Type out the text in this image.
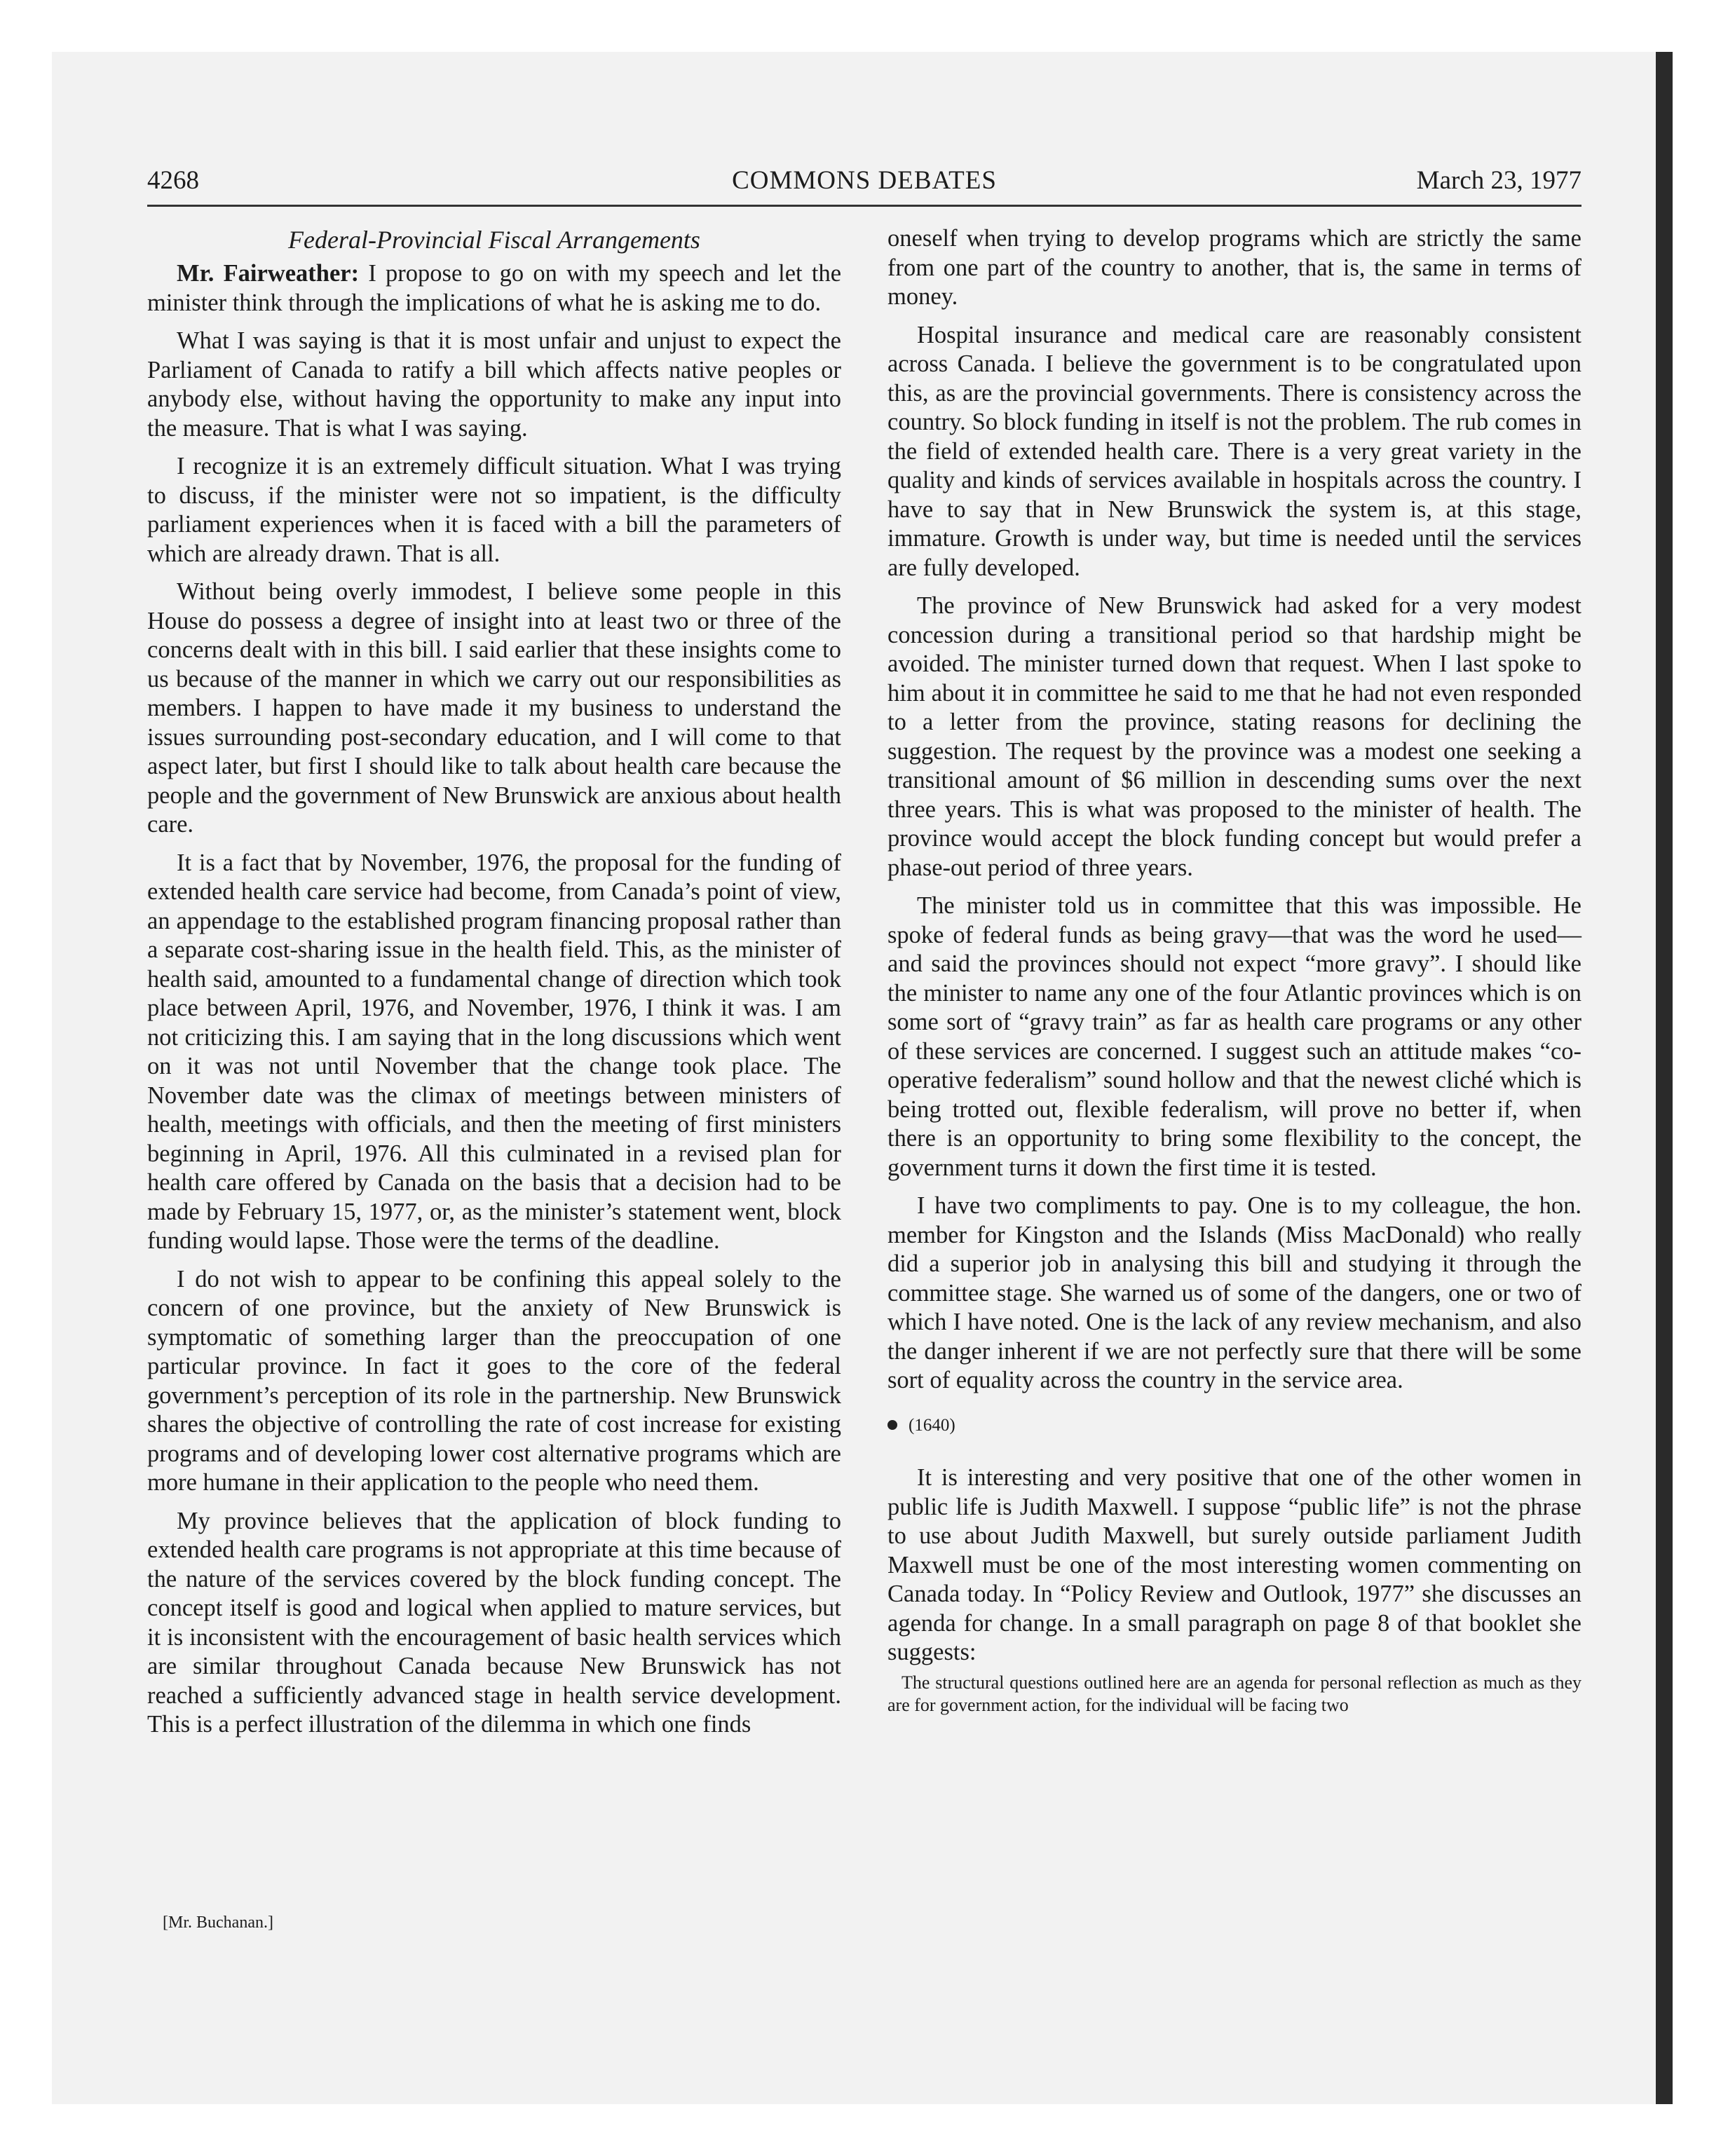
4268	COMMONS DEBATES	March 23, 1977
Federal-Provincial Fiscal Arrangements

Mr. Fairweather: I propose to go on with my speech and let the minister think through the implications of what he is asking me to do.

What I was saying is that it is most unfair and unjust to expect the Parliament of Canada to ratify a bill which affects native peoples or anybody else, without having the opportunity to make any input into the measure. That is what I was saying.

I recognize it is an extremely difficult situation. What I was trying to discuss, if the minister were not so impatient, is the difficulty parliament experiences when it is faced with a bill the parameters of which are already drawn. That is all.

Without being overly immodest, I believe some people in this House do possess a degree of insight into at least two or three of the concerns dealt with in this bill. I said earlier that these insights come to us because of the manner in which we carry out our responsibilities as members. I happen to have made it my business to understand the issues surrounding post-secondary education, and I will come to that aspect later, but first I should like to talk about health care because the people and the government of New Brunswick are anxious about health care.

It is a fact that by November, 1976, the proposal for the funding of extended health care service had become, from Canada’s point of view, an appendage to the established program financing proposal rather than a separate cost-sharing issue in the health field. This, as the minister of health said, amounted to a fundamental change of direction which took place between April, 1976, and November, 1976, I think it was. I am not criticizing this. I am saying that in the long discussions which went on it was not until November that the change took place. The November date was the climax of meetings between ministers of health, meetings with officials, and then the meeting of first ministers beginning in April, 1976. All this culminated in a revised plan for health care offered by Canada on the basis that a decision had to be made by February 15, 1977, or, as the minister’s statement went, block funding would lapse. Those were the terms of the deadline.

I do not wish to appear to be confining this appeal solely to the concern of one province, but the anxiety of New Brunswick is symptomatic of something larger than the preoccupation of one particular province. In fact it goes to the core of the federal government’s perception of its role in the partnership. New Brunswick shares the objective of controlling the rate of cost increase for existing programs and of developing lower cost alternative programs which are more humane in their application to the people who need them.

My province believes that the application of block funding to extended health care programs is not appropriate at this time because of the nature of the services covered by the block funding concept. The concept itself is good and logical when applied to mature services, but it is inconsistent with the encouragement of basic health services which are similar throughout Canada because New Brunswick has not reached a sufficiently advanced stage in health service development. This is a perfect illustration of the dilemma in which one finds

[Mr. Buchanan.]

oneself when trying to develop programs which are strictly the same from one part of the country to another, that is, the same in terms of money.

Hospital insurance and medical care are reasonably consistent across Canada. I believe the government is to be congratulated upon this, as are the provincial governments. There is consistency across the country. So block funding in itself is not the problem. The rub comes in the field of extended health care. There is a very great variety in the quality and kinds of services available in hospitals across the country. I have to say that in New Brunswick the system is, at this stage, immature. Growth is under way, but time is needed until the services are fully developed.

The province of New Brunswick had asked for a very modest concession during a transitional period so that hardship might be avoided. The minister turned down that request. When I last spoke to him about it in committee he said to me that he had not even responded to a letter from the province, stating reasons for declining the suggestion. The request by the province was a modest one seeking a transitional amount of $6 million in descending sums over the next three years. This is what was proposed to the minister of health. The province would accept the block funding concept but would prefer a phase-out period of three years.

The minister told us in committee that this was impossible. He spoke of federal funds as being gravy—that was the word he used—and said the provinces should not expect “more gravy”. I should like the minister to name any one of the four Atlantic provinces which is on some sort of “gravy train” as far as health care programs or any other of these services are concerned. I suggest such an attitude makes “co-operative federalism” sound hollow and that the newest cliché which is being trotted out, flexible federalism, will prove no better if, when there is an opportunity to bring some flexibility to the concept, the government turns it down the first time it is tested.

I have two compliments to pay. One is to my colleague, the hon. member for Kingston and the Islands (Miss MacDonald) who really did a superior job in analysing this bill and studying it through the committee stage. She warned us of some of the dangers, one or two of which I have noted. One is the lack of any review mechanism, and also the danger inherent if we are not perfectly sure that there will be some sort of equality across the country in the service area.

(1640)

It is interesting and very positive that one of the other women in public life is Judith Maxwell. I suppose “public life” is not the phrase to use about Judith Maxwell, but surely outside parliament Judith Maxwell must be one of the most interesting women commenting on Canada today. In “Policy Review and Outlook, 1977” she discusses an agenda for change. In a small paragraph on page 8 of that booklet she suggests:

The structural questions outlined here are an agenda for personal reflection as much as they are for government action, for the individual will be facing two
